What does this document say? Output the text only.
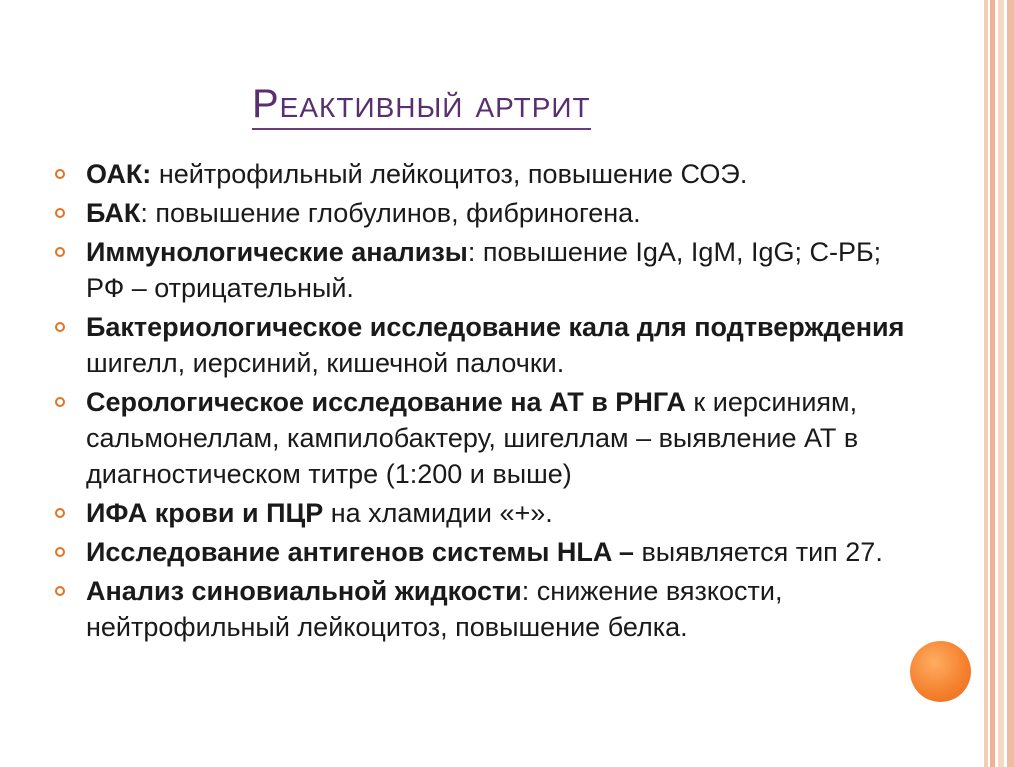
Реактивный артрит
ОАК: нейтрофильный лейкоцитоз, повышение СОЭ.
БАК: повышение глобулинов, фибриногена.
Иммунологические анализы: повышение IgA, IgM, IgG; С-РБ; РФ – отрицательный.
Бактериологическое исследование кала для подтверждения шигелл, иерсиний, кишечной палочки.
Серологическое исследование на АТ в РНГА к иерсиниям, сальмонеллам, кампилобактеру, шигеллам – выявление АТ в диагностическом титре (1:200 и выше)
ИФА крови и ПЦР на хламидии «+».
Исследование антигенов системы HLA – выявляется тип 27.
Анализ синовиальной жидкости: снижение вязкости, нейтрофильный лейкоцитоз, повышение белка.
